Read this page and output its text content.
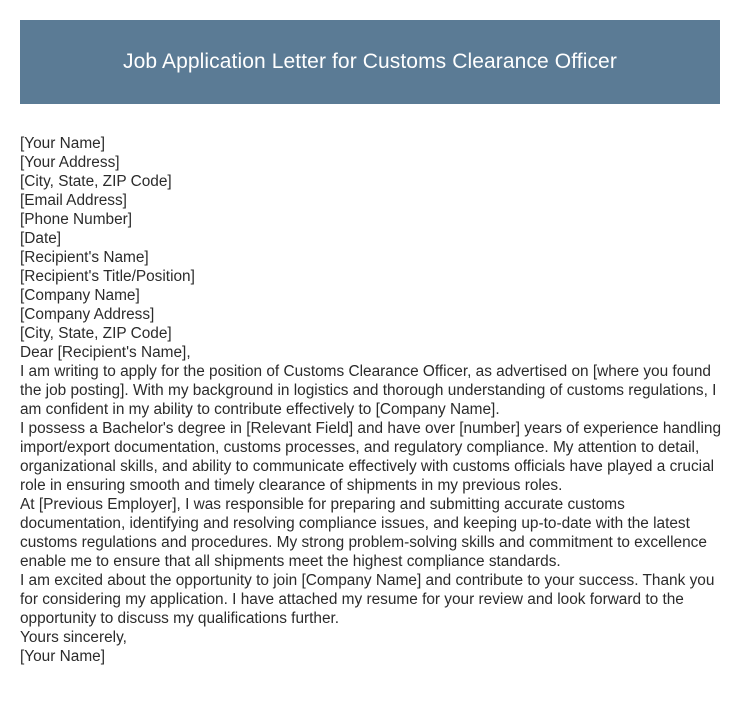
Job Application Letter for Customs Clearance Officer
[Your Name]
[Your Address]
[City, State, ZIP Code]
[Email Address]
[Phone Number]
[Date]
[Recipient's Name]
[Recipient's Title/Position]
[Company Name]
[Company Address]
[City, State, ZIP Code]
Dear [Recipient's Name],

I am writing to apply for the position of Customs Clearance Officer, as advertised on [where you found the job posting]. With my background in logistics and thorough understanding of customs regulations, I am confident in my ability to contribute effectively to [Company Name].

I possess a Bachelor's degree in [Relevant Field] and have over [number] years of experience handling import/export documentation, customs processes, and regulatory compliance. My attention to detail, organizational skills, and ability to communicate effectively with customs officials have played a crucial role in ensuring smooth and timely clearance of shipments in my previous roles.

At [Previous Employer], I was responsible for preparing and submitting accurate customs documentation, identifying and resolving compliance issues, and keeping up-to-date with the latest customs regulations and procedures. My strong problem-solving skills and commitment to excellence enable me to ensure that all shipments meet the highest compliance standards.

I am excited about the opportunity to join [Company Name] and contribute to your success. Thank you for considering my application. I have attached my resume for your review and look forward to the opportunity to discuss my qualifications further.

Yours sincerely,
[Your Name]
